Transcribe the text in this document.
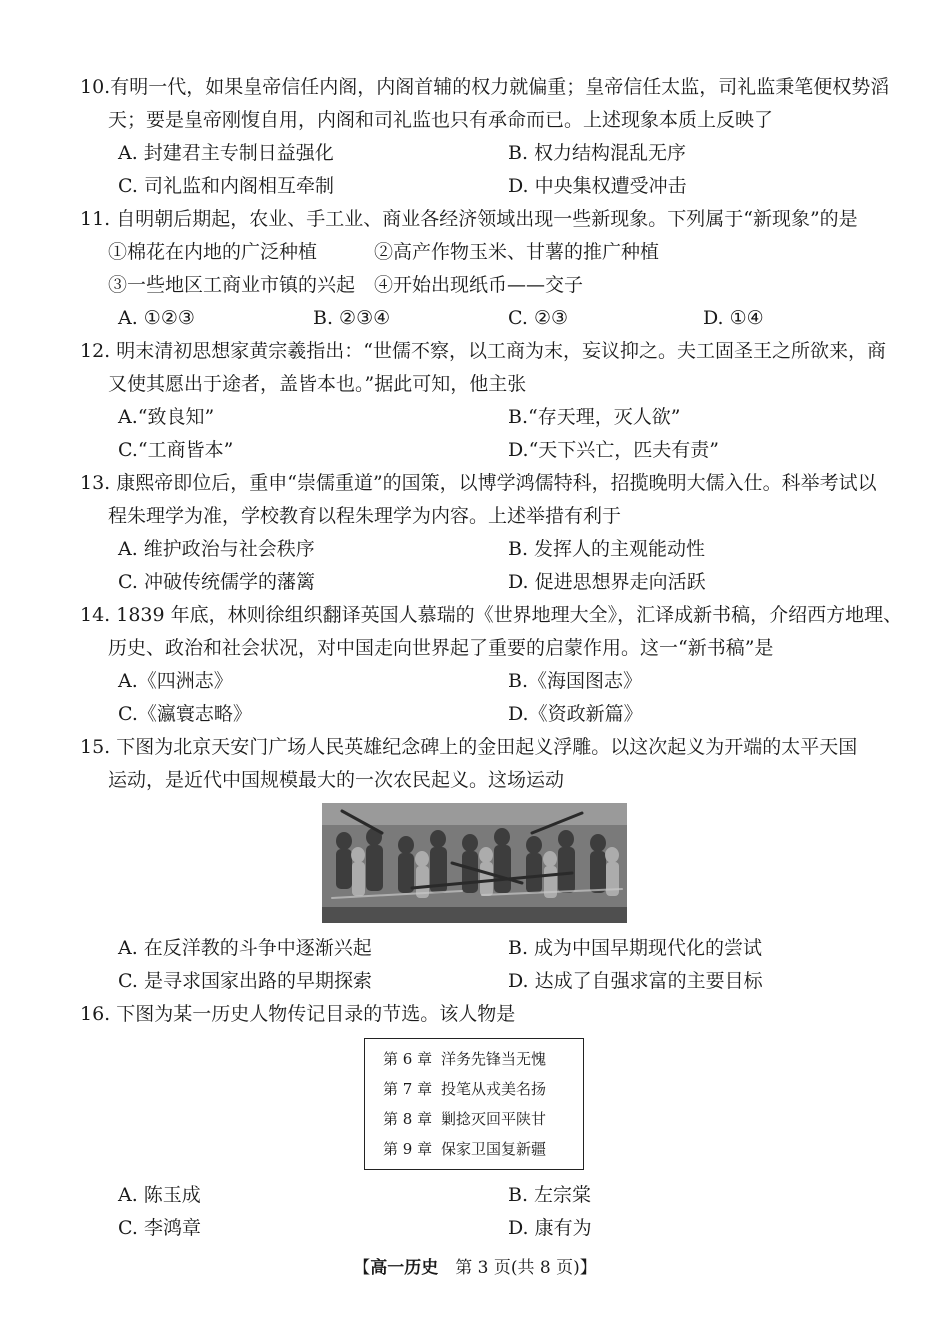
10.有明一代，如果皇帝信任内阁，内阁首辅的权力就偏重；皇帝信任太监，司礼监秉笔便权势滔
天；要是皇帝刚愎自用，内阁和司礼监也只有承命而已。上述现象本质上反映了
A. 封建君主专制日益强化	B. 权力结构混乱无序
C. 司礼监和内阁相互牵制	D. 中央集权遭受冲击
11. 自明朝后期起，农业、手工业、商业各经济领域出现一些新现象。下列属于“新现象”的是
①棉花在内地的广泛种植　　　②高产作物玉米、甘薯的推广种植
③一些地区工商业市镇的兴起　④开始出现纸币——交子
A. ①②③	B. ②③④	C. ②③	D. ①④
12. 明末清初思想家黄宗羲指出：“世儒不察，以工商为末，妄议抑之。夫工固圣王之所欲来，商
又使其愿出于途者，盖皆本也。”据此可知，他主张
A.“致良知”	B.“存天理，灭人欲”
C.“工商皆本”	D.“天下兴亡，匹夫有责”
13. 康熙帝即位后，重申“崇儒重道”的国策，以博学鸿儒特科，招揽晚明大儒入仕。科举考试以
程朱理学为准，学校教育以程朱理学为内容。上述举措有利于
A. 维护政治与社会秩序	B. 发挥人的主观能动性
C. 冲破传统儒学的藩篱	D. 促进思想界走向活跃
14. 1839 年底，林则徐组织翻译英国人慕瑞的《世界地理大全》，汇译成新书稿，介绍西方地理、
历史、政治和社会状况，对中国走向世界起了重要的启蒙作用。这一“新书稿”是
A.《四洲志》	B.《海国图志》
C.《瀛寰志略》	D.《资政新篇》
15. 下图为北京天安门广场人民英雄纪念碑上的金田起义浮雕。以这次起义为开端的太平天国
运动，是近代中国规模最大的一次农民起义。这场运动
A. 在反洋教的斗争中逐渐兴起	B. 成为中国早期现代化的尝试
C. 是寻求国家出路的早期探索	D. 达成了自强求富的主要目标
16. 下图为某一历史人物传记目录的节选。该人物是
第 6 章 洋务先锋当无愧
第 7 章 投笔从戎美名扬
第 8 章 剿捻灭回平陕甘
第 9 章 保家卫国复新疆
A. 陈玉成	B. 左宗棠
C. 李鸿章	D. 康有为
【高一历史　 第 3 页(共 8 页)】
